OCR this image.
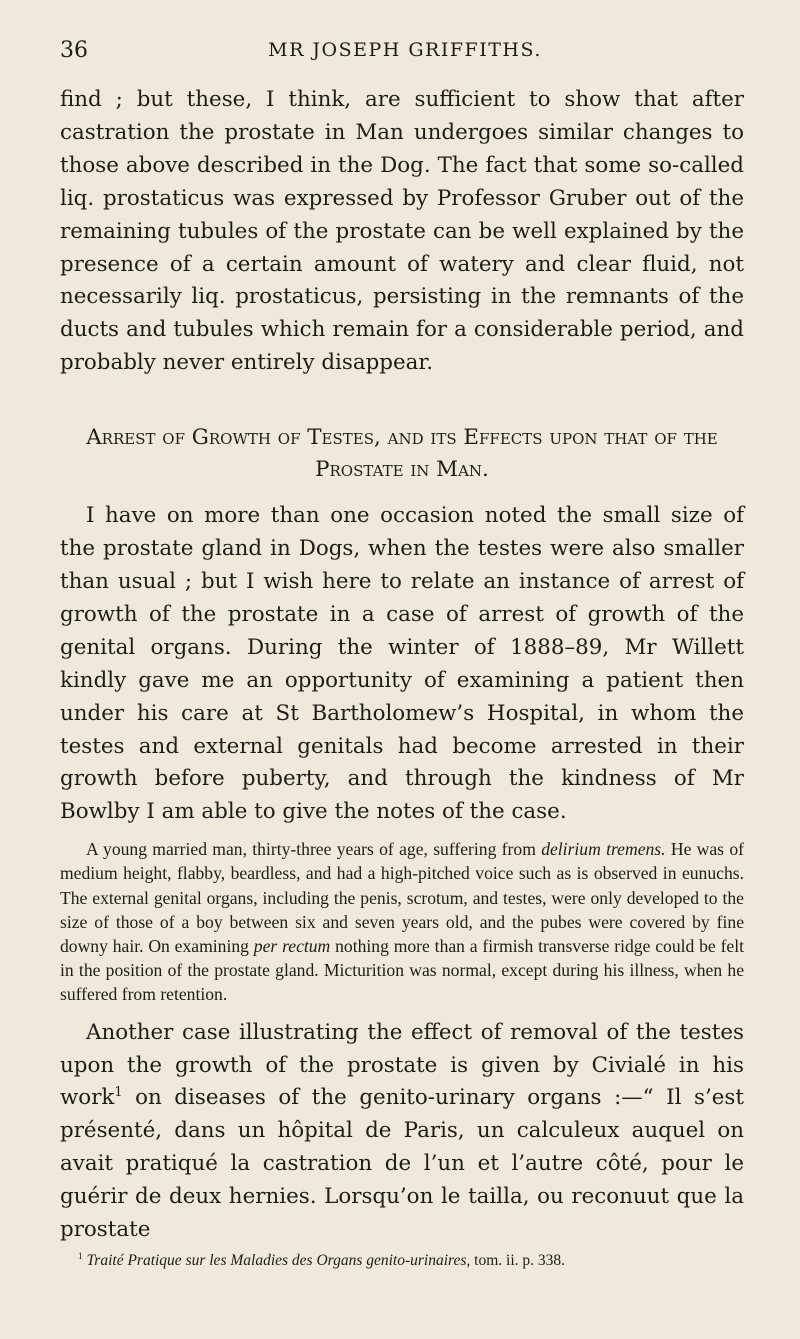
36	MR JOSEPH GRIFFITHS.

find ; but these, I think, are sufficient to show that after castration the prostate in Man undergoes similar changes to those above described in the Dog. The fact that some so-called liq. prostaticus was expressed by Professor Gruber out of the remaining tubules of the prostate can be well explained by the presence of a certain amount of watery and clear fluid, not necessarily liq. prostaticus, persisting in the remnants of the ducts and tubules which remain for a considerable period, and probably never entirely disappear.

Arrest of Growth of Testes, and its Effects upon that of the Prostate in Man.

I have on more than one occasion noted the small size of the prostate gland in Dogs, when the testes were also smaller than usual ; but I wish here to relate an instance of arrest of growth of the prostate in a case of arrest of growth of the genital organs. During the winter of 1888–89, Mr Willett kindly gave me an opportunity of examining a patient then under his care at St Bartholomew’s Hospital, in whom the testes and external genitals had become arrested in their growth before puberty, and through the kindness of Mr Bowlby I am able to give the notes of the case.

A young married man, thirty-three years of age, suffering from delirium tremens. He was of medium height, flabby, beardless, and had a high-pitched voice such as is observed in eunuchs. The external genital organs, including the penis, scrotum, and testes, were only developed to the size of those of a boy between six and seven years old, and the pubes were covered by fine downy hair. On examining per rectum nothing more than a firmish transverse ridge could be felt in the position of the prostate gland. Micturition was normal, except during his illness, when he suffered from retention.

Another case illustrating the effect of removal of the testes upon the growth of the prostate is given by Civialé in his work$^1$ on diseases of the genito-urinary organs :—“ Il s’est présenté, dans un hôpital de Paris, un calculeux auquel on avait pratiqué la castration de l’un et l’autre côté, pour le guérir de deux hernies. Lorsqu’on le tailla, ou reconuut que la prostate

$^1$ Traité Pratique sur les Maladies des Organs genito-urinaires, tom. ii. p. 338.
